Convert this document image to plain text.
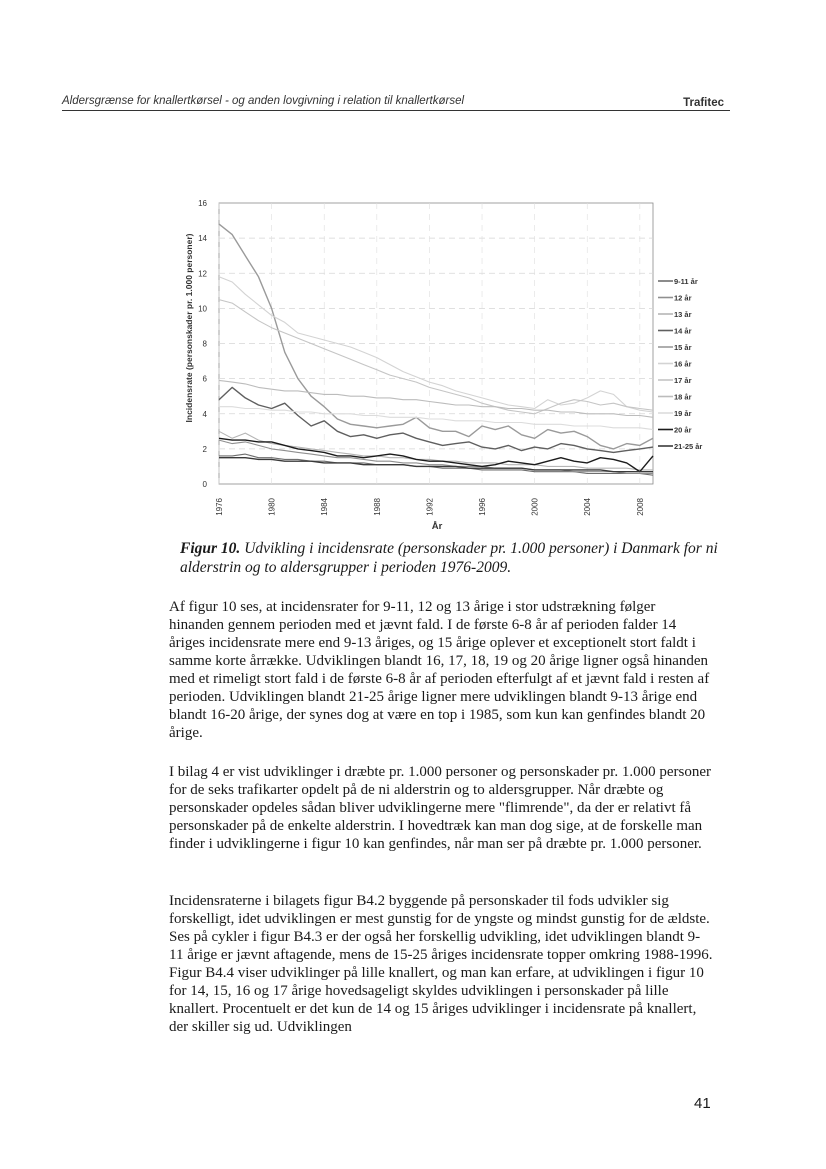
Aldersgrænse for knallertkørsel - og anden lovgivning i relation til knallertkørsel	Trafitec
0
2
4
6
8
10
12
14
16
1976	1980	1984	1988	1992	1996	2000	2004	2008
Incidensrate (personskader pr. 1.000 personer)
År
9-11 år
12 år
13 år
14 år
15 år
16 år
17 år
18 år
19 år
20 år
21-25 år
Figur 10. Udvikling i incidensrate (personskader pr. 1.000 personer) i Danmark for ni alderstrin og to aldersgrupper i perioden 1976-2009.

Af figur 10 ses, at incidensrater for 9-11, 12 og 13 årige i stor udstrækning følger hinanden gennem perioden med et jævnt fald. I de første 6-8 år af perioden falder 14 åriges incidensrate mere end 9-13 åriges, og 15 årige oplever et exceptionelt stort faldt i samme korte årrække. Udviklingen blandt 16, 17, 18, 19 og 20 årige ligner også hinanden med et rimeligt stort fald i de første 6-8 år af perioden efterfulgt af et jævnt fald i resten af perioden. Udviklingen blandt 21-25 årige ligner mere udviklingen blandt 9-13 årige end blandt 16-20 årige, der synes dog at være en top i 1985, som kun kan genfindes blandt 20 årige.

I bilag 4 er vist udviklinger i dræbte pr. 1.000 personer og personskader pr. 1.000 personer for de seks trafikarter opdelt på de ni alderstrin og to aldersgrupper. Når dræbte og personskader opdeles sådan bliver udviklingerne mere "flimrende", da der er relativt få personskader på de enkelte alderstrin. I hovedtræk kan man dog sige, at de forskelle man finder i udviklingerne i figur 10 kan genfindes, når man ser på dræbte pr. 1.000 personer.

Incidensraterne i bilagets figur B4.2 byggende på personskader til fods udvikler sig forskelligt, idet udviklingen er mest gunstig for de yngste og mindst gunstig for de ældste. Ses på cykler i figur B4.3 er der også her forskellig udvikling, idet udviklingen blandt 9-11 årige er jævnt aftagende, mens de 15-25 åriges incidensrate topper omkring 1988-1996. Figur B4.4 viser udviklinger på lille knallert, og man kan erfare, at udviklingen i figur 10 for 14, 15, 16 og 17 årige hovedsageligt skyldes udviklingen i personskader på lille knallert. Procentuelt er det kun de 14 og 15 åriges udviklinger i incidensrate på knallert, der skiller sig ud. Udviklingen

41
